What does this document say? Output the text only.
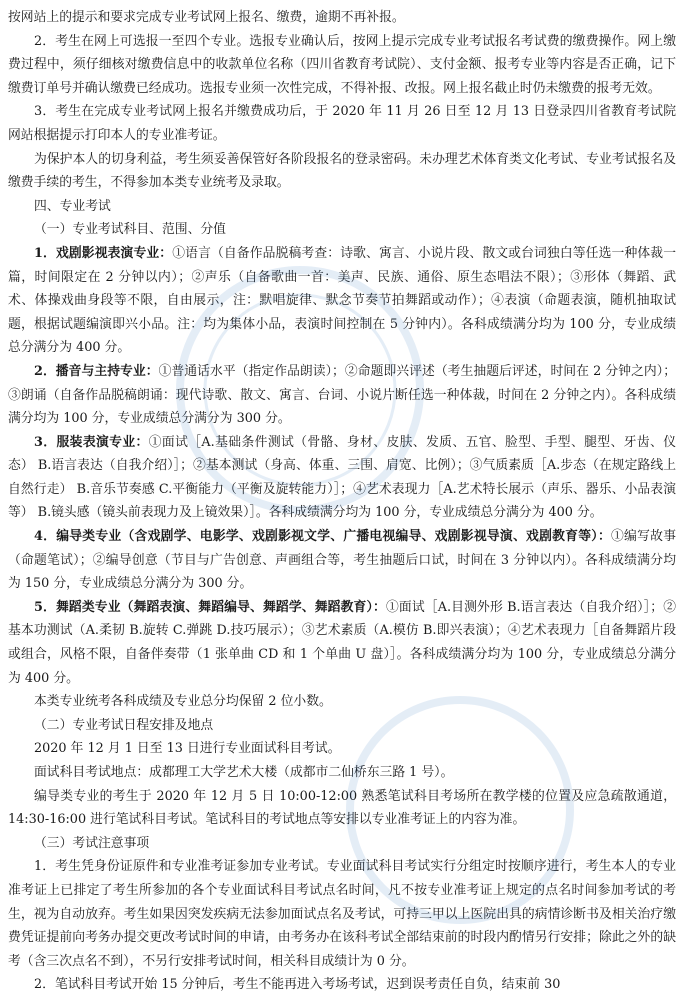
按网站上的提示和要求完成专业考试网上报名、缴费，逾期不再补报。

2．考生在网上可选报一至四个专业。选报专业确认后，按网上提示完成专业考试报名考试费的缴费操作。网上缴费过程中，须仔细核对缴费信息中的收款单位名称（四川省教育考试院）、支付金额、报考专业等内容是否正确，记下缴费订单号并确认缴费已经成功。选报专业须一次性完成，不得补报、改报。网上报名截止时仍未缴费的报考无效。

3．考生在完成专业考试网上报名并缴费成功后，于 2020 年 11 月 26 日至 12 月 13 日登录四川省教育考试院网站根据提示打印本人的专业准考证。

为保护本人的切身利益，考生须妥善保管好各阶段报名的登录密码。未办理艺术体育类文化考试、专业考试报名及缴费手续的考生，不得参加本类专业统考及录取。

四、专业考试

（一）专业考试科目、范围、分值

1．戏剧影视表演专业：①语言（自备作品脱稿考查：诗歌、寓言、小说片段、散文或台词独白等任选一种体裁一篇，时间限定在 2 分钟以内）；②声乐（自备歌曲一首：美声、民族、通俗、原生态唱法不限）；③形体（舞蹈、武术、体操戏曲身段等不限，自由展示，注：默唱旋律、默念节奏节拍舞蹈或动作）；④表演（命题表演，随机抽取试题，根据试题编演即兴小品。注：均为集体小品，表演时间控制在 5 分钟内）。各科成绩满分均为 100 分，专业成绩总分满分为 400 分。

2．播音与主持专业：①普通话水平（指定作品朗读）；②命题即兴评述（考生抽题后评述，时间在 2 分钟之内）；③朗诵（自备作品脱稿朗诵：现代诗歌、散文、寓言、台词、小说片断任选一种体裁，时间在 2 分钟之内）。各科成绩满分均为 100 分，专业成绩总分满分为 300 分。

3．服装表演专业：①面试［A.基础条件测试（骨骼、身材、皮肤、发质、五官、脸型、手型、腿型、牙齿、仪态） B.语言表达（自我介绍）］；②基本测试（身高、体重、三围、肩宽、比例）；③气质素质［A.步态（在规定路线上自然行走） B.音乐节奏感 C.平衡能力（平衡及旋转能力）］；④艺术表现力［A.艺术特长展示（声乐、器乐、小品表演等） B.镜头感（镜头前表现力及上镜效果）］。各科成绩满分均为 100 分，专业成绩总分满分为 400 分。

4．编导类专业（含戏剧学、电影学、戏剧影视文学、广播电视编导、戏剧影视导演、戏剧教育等）：①编写故事（命题笔试）；②编导创意（节目与广告创意、声画组合等，考生抽题后口试，时间在 3 分钟以内）。各科成绩满分均为 150 分，专业成绩总分满分为 300 分。

5．舞蹈类专业（舞蹈表演、舞蹈编导、舞蹈学、舞蹈教育）：①面试［A.目测外形 B.语言表达（自我介绍）］；②基本功测试（A.柔韧 B.旋转 C.弹跳 D.技巧展示）；③艺术素质（A.模仿 B.即兴表演）；④艺术表现力［自备舞蹈片段或组合，风格不限，自备伴奏带（1 张单曲 CD 和 1 个单曲 U 盘）］。各科成绩满分均为 100 分，专业成绩总分满分为 400 分。

本类专业统考各科成绩及专业总分均保留 2 位小数。

（二）专业考试日程安排及地点

2020 年 12 月 1 日至 13 日进行专业面试科目考试。

面试科目考试地点：成都理工大学艺术大楼（成都市二仙桥东三路 1 号）。

编导类专业的考生于 2020 年 12 月 5 日 10:00-12:00 熟悉笔试科目考场所在教学楼的位置及应急疏散通道，14:30-16:00 进行笔试科目考试。笔试科目的考试地点等安排以专业准考证上的内容为准。

（三）考试注意事项

1．考生凭身份证原件和专业准考证参加专业考试。专业面试科目考试实行分组定时按顺序进行，考生本人的专业准考证上已排定了考生所参加的各个专业面试科目考试点名时间，凡不按专业准考证上规定的点名时间参加考试的考生，视为自动放弃。考生如果因突发疾病无法参加面试点名及考试，可持三甲以上医院出具的病情诊断书及相关治疗缴费凭证提前向考务办提交更改考试时间的申请，由考务办在该科考试全部结束前的时段内酌情另行安排；除此之外的缺考（含三次点名不到），不另行安排考试时间，相关科目成绩计为 0 分。

2．笔试科目考试开始 15 分钟后，考生不能再进入考场考试，迟到误考责任自负，结束前 30
